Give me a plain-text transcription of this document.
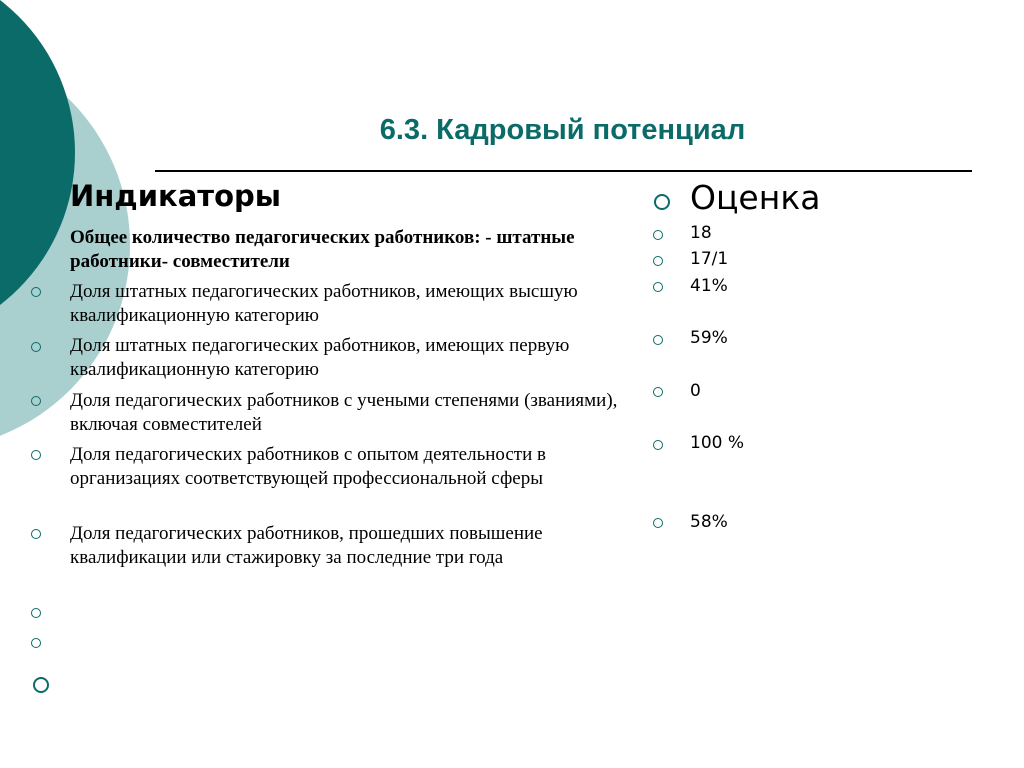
6.3. Кадровый потенциал
Индикаторы
Общее количество педагогических работников: - штатные работники- совместители
Доля штатных педагогических работников, имеющих высшую квалификационную категорию
Доля штатных педагогических работников, имеющих первую квалификационную категорию
Доля педагогических работников с учеными степенями (званиями), включая совместителей
Доля педагогических работников с опытом деятельности в организациях соответствующей профессиональной сферы
Доля педагогических работников, прошедших повышение квалификации или стажировку за последние три года
Оценка
18
17/1
41%
59%
0
100 %
58%
